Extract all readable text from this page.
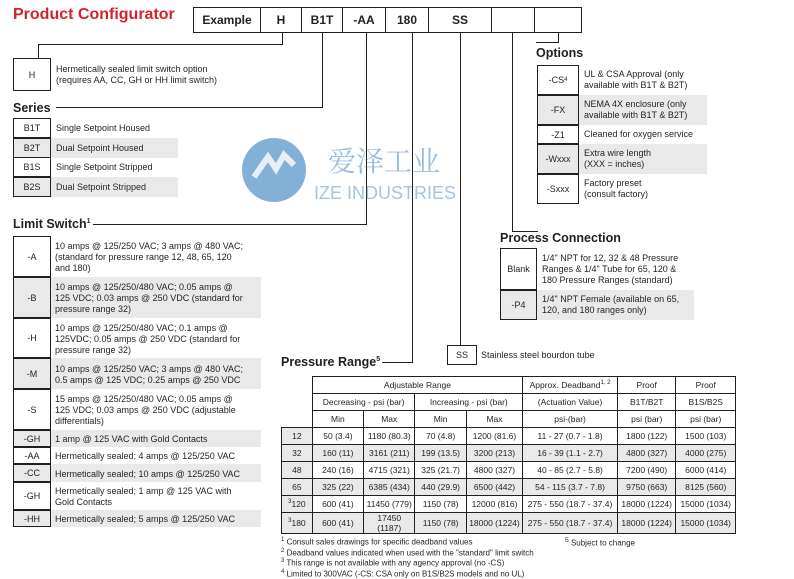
Product Configurator	Example	H	B1T	-AA	180	SS
H
Hermetically sealed limit switch option
(requires AA, CC, GH or HH limit switch)
Series
B1T	Single Setpoint Housed
B2T	Dual Setpoint Housed
B1S	Single Setpoint Stripped
B2S	Dual Setpoint Stripped
Limit Switch$^1$
-A
10 amps @ 125/250 VAC; 3 amps @ 480 VAC;
(standard for pressure range 12, 48, 65, 120
and 180)
-B
10 amps @ 125/250/480 VAC; 0.05 amps @
125 VDC; 0.03 amps @ 250 VDC (standard for
pressure range 32)
-H
10 amps @ 125/250/480 VAC; 0.1 amps @
125VDC; 0.05 amps @ 250 VDC (standard for
pressure range 32)
-M	10 amps @ 125/250 VAC; 3 amps @ 480 VAC;
0.5 amps @ 125 VDC; 0.25 amps @ 250 VDC
-S
15 amps @ 125/250/480 VAC; 0.05 amps @
125 VDC; 0.03 amps @ 250 VDC (adjustable
differentials)
-GH	1 amp @ 125 VAC with Gold Contacts
-AA	Hermetically sealed; 4 amps @ 125/250 VAC
-CC	Hermetically sealed; 10 amps @ 125/250 VAC
-GH	Hermetically sealed; 1 amp @ 125 VAC with
Gold Contacts
-HH	Hermetically sealed; 5 amps @ 125/250 VAC
Options
-CS 4
UL & CSA Approval (only
available with B1T & B2T)
-FX
NEMA 4X enclosure (only
available with B1T & B2T)
-Z1 Cleaned for oxygen service
-Wxxx
Extra wire length
(XXX = inches)
-Sxxx
Factory preset
(consult factory)
Process Connection
Blank
1/4" NPT for 12, 32 & 48 Pressure
Ranges & 1/4" Tube for 65, 120 &
180 Pressure Ranges (standard)
-P4
1/4" NPT Female (available on 65,
120, and 180 ranges only)
SS	Stainless steel bourdon tube
Pressure Range$^5$
	Adjustable Range				Approx. Deadband$^{1, 2}$	Proof	Proof
	Decreasing - psi (bar)		Increasing - psi (bar)		(Actuation Value)	B1T/B2T	B1S/B2S
	Min	Max	Min	Max	psi-(bar)	psi (bar)	psi (bar)
12	50 (3.4)	1180 (80.3)	70 (4.8)	1200 (81.6)	11 - 27 (0.7 - 1.8)	1800 (122)	1500 (103)
32	160 (11)	3161 (211)	199 (13.5)	3200 (213)	16 - 39 (1.1 - 2.7)	4800 (327)	4000 (275)
48	240 (16)	4715 (321)	325 (21.7)	4800 (327)	40 - 85 (2.7 - 5.8)	7200 (490)	6000 (414)
65	325 (22)	6385 (434)	440 (29.9)	6500 (442)	54 - 115 (3.7 - 7.8)	9750 (663)	8125 (560)
$^3$120	600 (41)	11450 (779)	1150 (78)	12000 (816)	275 - 550 (18.7 - 37.4)	18000 (1224)	15000 (1034)
$^3$180	600 (41)	17450 (1187)	1150 (78)	18000 (1224)	275 - 550 (18.7 - 37.4)	18000 (1224)	15000 (1034)
$^1$ Consult sales drawings for specific deadband values
$^2$ Deadband values indicated when used with the "standard" limit switch
$^3$ This range is not available with any agency approval (no -CS)
$^4$ Limited to 300VAC (-CS: CSA only on B1S/B2S models and no UL)
$^5$ Subject to change
爱泽工业
IZE INDUSTRIES
